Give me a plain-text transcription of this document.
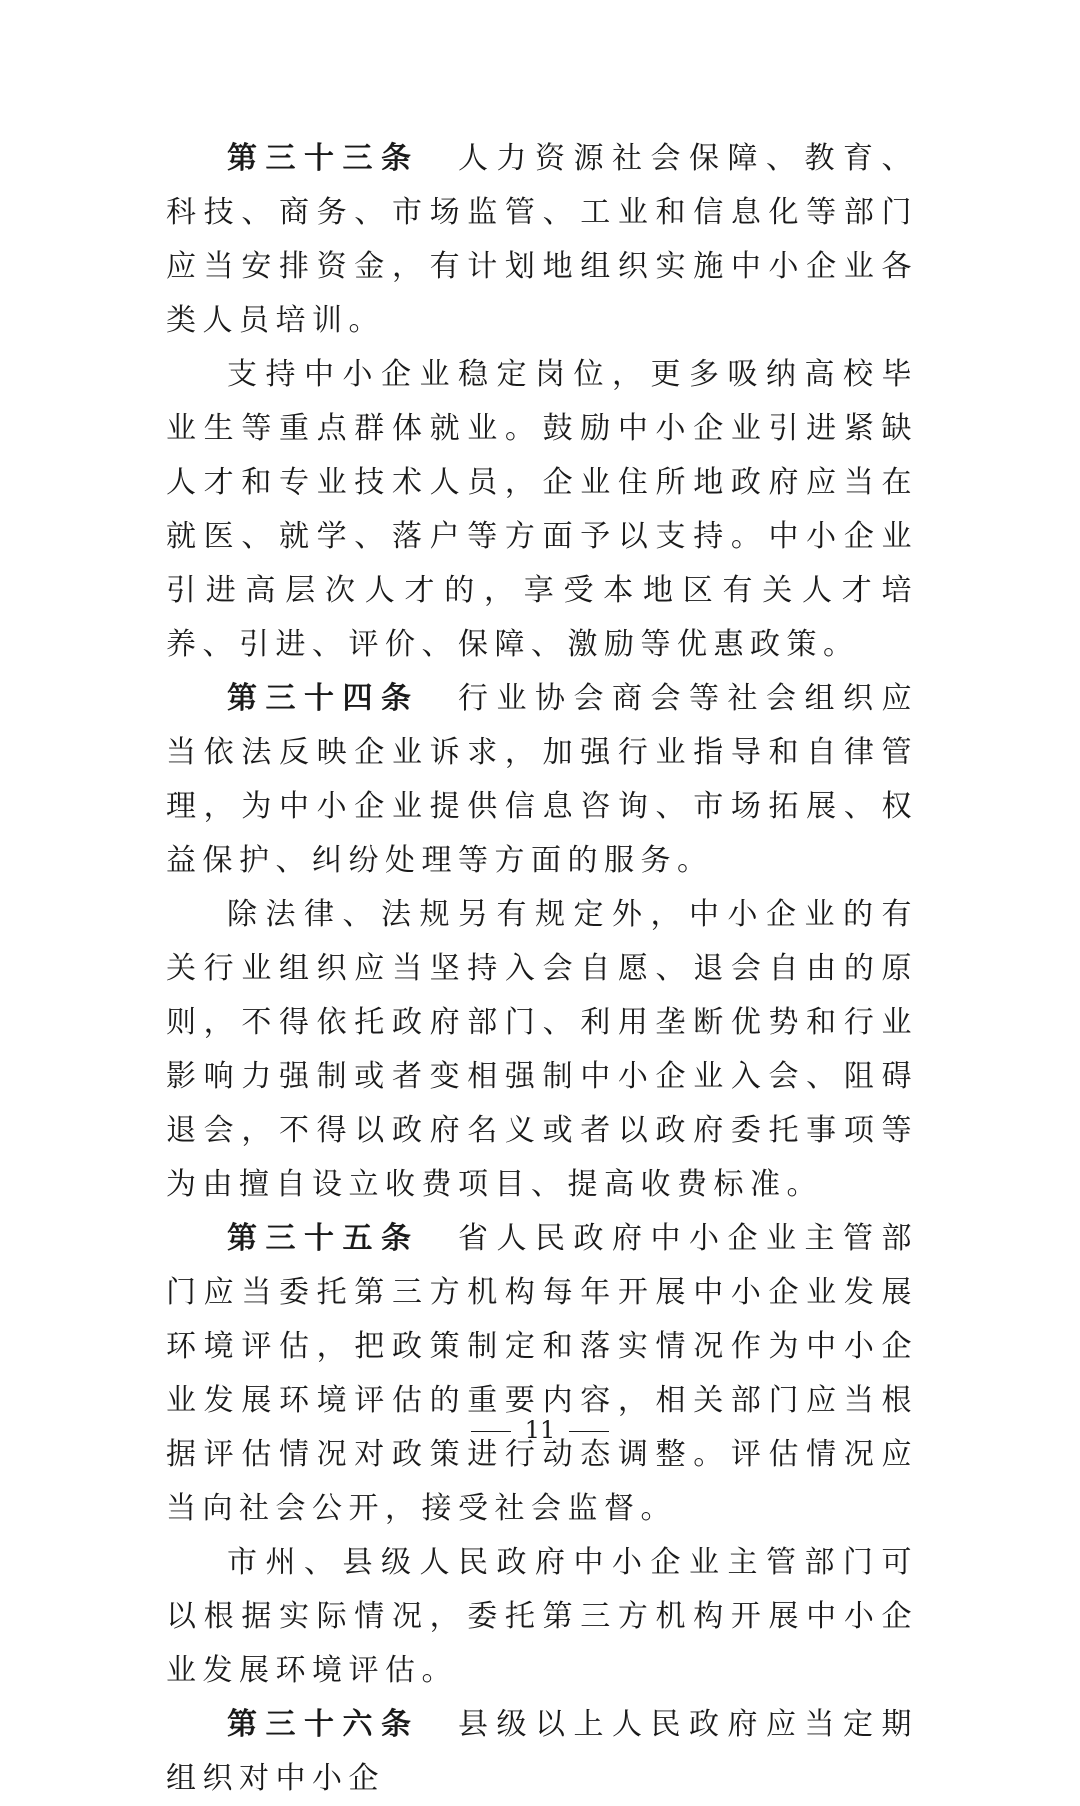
第三十三条  人力资源社会保障、教育、科技、商务、市场监管、工业和信息化等部门应当安排资金，有计划地组织实施中小企业各类人员培训。

支持中小企业稳定岗位，更多吸纳高校毕业生等重点群体就业。鼓励中小企业引进紧缺人才和专业技术人员，企业住所地政府应当在就医、就学、落户等方面予以支持。中小企业引进高层次人才的，享受本地区有关人才培养、引进、评价、保障、激励等优惠政策。

第三十四条  行业协会商会等社会组织应当依法反映企业诉求，加强行业指导和自律管理，为中小企业提供信息咨询、市场拓展、权益保护、纠纷处理等方面的服务。

除法律、法规另有规定外，中小企业的有关行业组织应当坚持入会自愿、退会自由的原则，不得依托政府部门、利用垄断优势和行业影响力强制或者变相强制中小企业入会、阻碍退会，不得以政府名义或者以政府委托事项等为由擅自设立收费项目、提高收费标准。

第三十五条  省人民政府中小企业主管部门应当委托第三方机构每年开展中小企业发展环境评估，把政策制定和落实情况作为中小企业发展环境评估的重要内容，相关部门应当根据评估情况对政策进行动态调整。评估情况应当向社会公开，接受社会监督。

市州、县级人民政府中小企业主管部门可以根据实际情况，委托第三方机构开展中小企业发展环境评估。

第三十六条  县级以上人民政府应当定期组织对中小企

11
